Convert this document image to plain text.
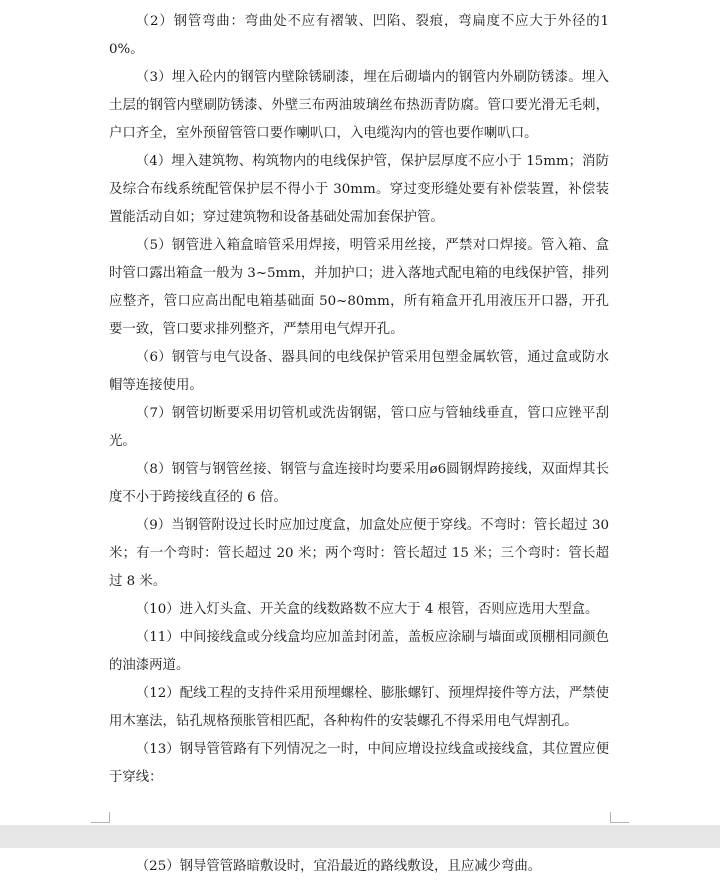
（2）钢管弯曲：弯曲处不应有褶皱、凹陷、裂痕，弯扁度不应大于外径的10%。

（3）埋入砼内的钢管内壁除锈刷漆，埋在后砌墙内的钢管内外刷防锈漆。埋入土层的钢管内壁刷防锈漆、外壁三布两油玻璃丝布热沥青防腐。管口要光滑无毛刺，户口齐全，室外预留管管口要作喇叭口，入电缆沟内的管也要作喇叭口。

（4）埋入建筑物、构筑物内的电线保护管，保护层厚度不应小于 15mm；消防及综合布线系统配管保护层不得小于 30mm。穿过变形缝处要有补偿装置，补偿装置能活动自如；穿过建筑物和设备基础处需加套保护管。

（5）钢管进入箱盒暗管采用焊接，明管采用丝接，严禁对口焊接。管入箱、盒时管口露出箱盒一般为 3~5mm，并加护口；进入落地式配电箱的电线保护管，排列应整齐，管口应高出配电箱基础面 50~80mm，所有箱盒开孔用液压开口器，开孔要一致，管口要求排列整齐，严禁用电气焊开孔。

（6）钢管与电气设备、器具间的电线保护管采用包塑金属软管，通过盒或防水帽等连接使用。

（7）钢管切断要采用切管机或洗齿钢锯，管口应与管轴线垂直，管口应锉平刮光。

（8）钢管与钢管丝接、钢管与盒连接时均要采用ø6圆钢焊跨接线，双面焊其长度不小于跨接线直径的 6 倍。

（9）当钢管附设过长时应加过度盒，加盒处应便于穿线。不弯时：管长超过 30 米；有一个弯时：管长超过 20 米；两个弯时：管长超过 15 米；三个弯时：管长超过 8 米。

（10）进入灯头盒、开关盒的线数路数不应大于 4 根管，否则应选用大型盒。

（11）中间接线盒或分线盒均应加盖封闭盖，盖板应涂刷与墙面或顶棚相同颜色的油漆两道。

（12）配线工程的支持件采用预埋螺栓、膨胀螺钉、预埋焊接件等方法，严禁使用木塞法，钻孔规格预胀管相匹配，各种构件的安装螺孔不得采用电气焊割孔。

（13）钢导管管路有下列情况之一时，中间应增设拉线盒或接线盒，其位置应便于穿线：

（25）钢导管管路暗敷设时，宜沿最近的路线敷设，且应减少弯曲。
